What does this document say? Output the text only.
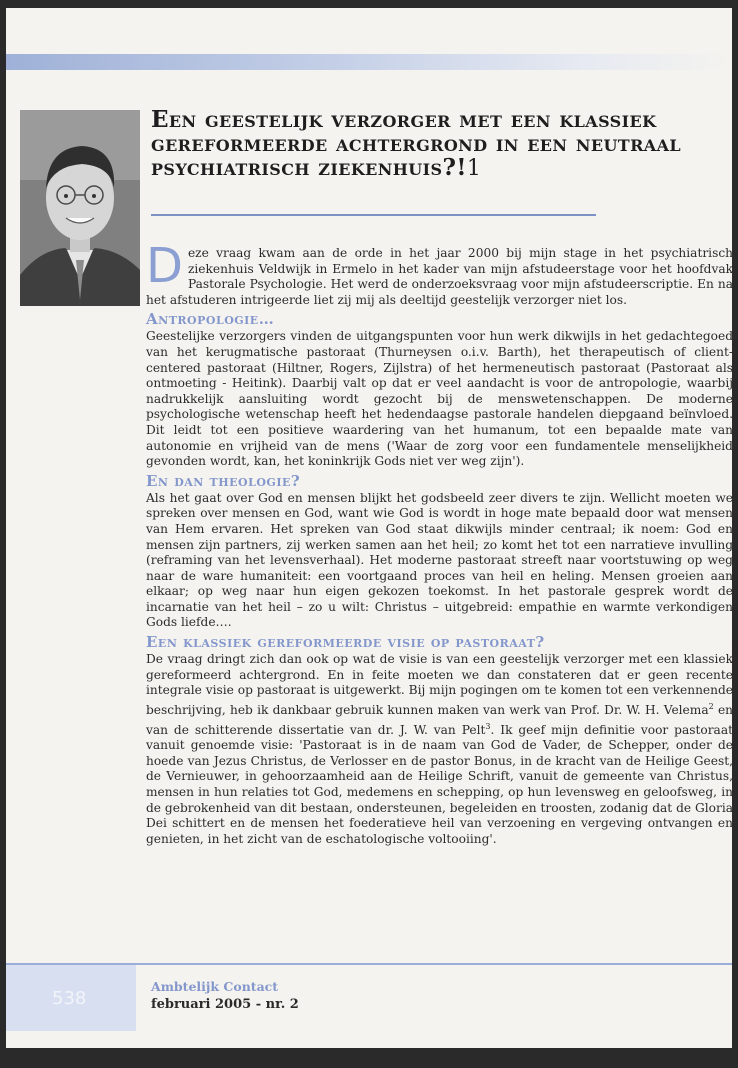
Een geestelijk verzorger met een klassiek gereformeerde achtergrond in een neutraal psychiatrisch ziekenhuis?!1

Deze vraag kwam aan de orde in het jaar 2000 bij mijn stage in het psychiatrisch ziekenhuis Veldwijk in Ermelo in het kader van mijn afstudeerstage voor het hoofdvak Pastorale Psychologie. Het werd de onderzoeksvraag voor mijn afstudeerscriptie. En na het afstuderen intrigeerde liet zij mij als deeltijd geestelijk verzorger niet los.

Antropologie…

Geestelijke verzorgers vinden de uitgangspunten voor hun werk dikwijls in het gedachtegoed van het kerugmatische pastoraat (Thurneysen o.i.v. Barth), het therapeutisch of client-centered pastoraat (Hiltner, Rogers, Zijlstra) of het hermeneutisch pastoraat (Pastoraat als ontmoeting - Heitink). Daarbij valt op dat er veel aandacht is voor de antropologie, waarbij nadrukkelijk aansluiting wordt gezocht bij de menswetenschappen. De moderne psychologische wetenschap heeft het hedendaagse pastorale handelen diepgaand beïnvloed. Dit leidt tot een positieve waardering van het humanum, tot een bepaalde mate van autonomie en vrijheid van de mens ('Waar de zorg voor een fundamentele menselijkheid gevonden wordt, kan, het koninkrijk Gods niet ver weg zijn').

En dan theologie?

Als het gaat over God en mensen blijkt het godsbeeld zeer divers te zijn. Wellicht moeten we spreken over mensen en God, want wie God is wordt in hoge mate bepaald door wat mensen van Hem ervaren. Het spreken van God staat dikwijls minder centraal; ik noem: God en mensen zijn partners, zij werken samen aan het heil; zo komt het tot een narratieve invulling (reframing van het levensverhaal). Het moderne pastoraat streeft naar voortstuwing op weg naar de ware humaniteit: een voortgaand proces van heil en heling. Mensen groeien aan elkaar; op weg naar hun eigen gekozen toekomst. In het pastorale gesprek wordt de incarnatie van het heil – zo u wilt: Christus – uitgebreid: empathie en warmte verkondigen Gods liefde….

Een klassiek gereformeerde visie op pastoraat?

De vraag dringt zich dan ook op wat de visie is van een geestelijk verzorger met een klassiek gereformeerd achtergrond. En in feite moeten we dan constateren dat er geen recente integrale visie op pastoraat is uitgewerkt. Bij mijn pogingen om te komen tot een verkennende beschrijving, heb ik dankbaar gebruik kunnen maken van werk van Prof. Dr. W. H. Velema$^2$ en van de schitterende dissertatie van dr. J. W. van Pelt$^3$. Ik geef mijn definitie voor pastoraat vanuit genoemde visie: 'Pastoraat is in de naam van God de Vader, de Schepper, onder de hoede van Jezus Christus, de Verlosser en de pastor Bonus, in de kracht van de Heilige Geest, de Vernieuwer, in gehoorzaamheid aan de Heilige Schrift, vanuit de gemeente van Christus, mensen in hun relaties tot God, medemens en schepping, op hun levensweg en geloofsweg, in de gebrokenheid van dit bestaan, ondersteunen, begeleiden en troosten, zodanig dat de Gloria Dei schittert en de mensen het foederatieve heil van verzoening en vergeving ontvangen en genieten, in het zicht van de eschatologische voltooiing'.

538
Ambtelijk Contact
februari 2005 - nr. 2
